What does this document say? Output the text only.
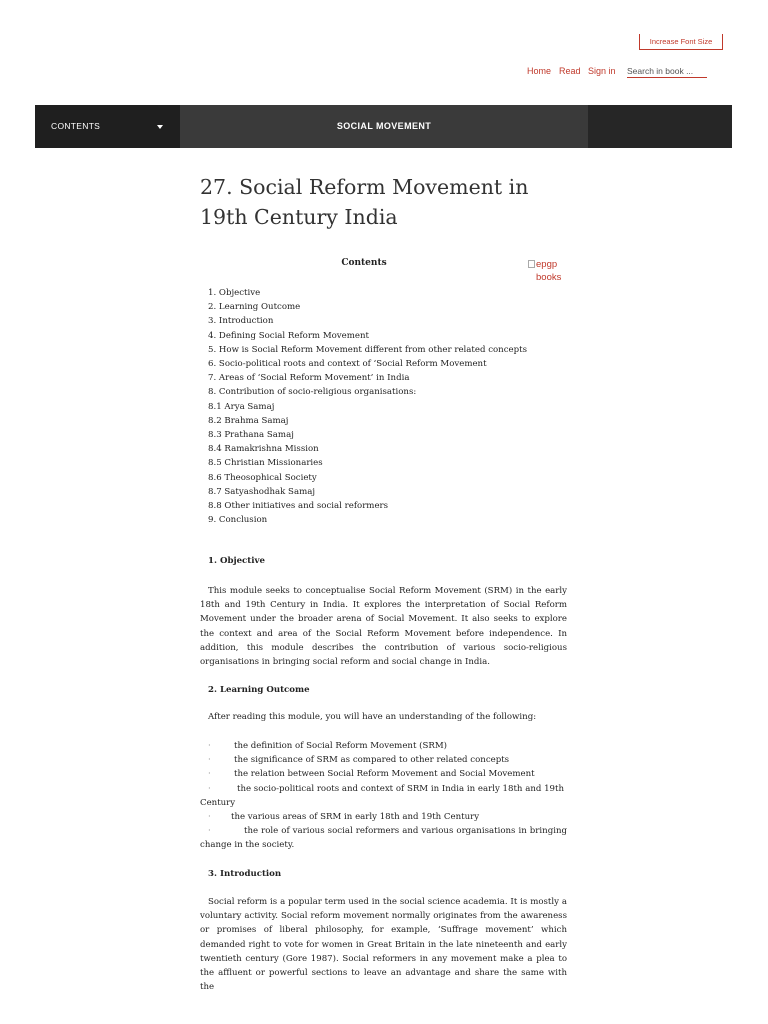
Increase Font Size
Home Read Sign in
Search in book ...
CONTENTS	SOCIAL MOVEMENT
27. Social Reform Movement in 19th Century India
Contents	epgp books
1. Objective
2. Learning Outcome
3. Introduction
4. Defining Social Reform Movement
5. How is Social Reform Movement different from other related concepts
6. Socio-political roots and context of ‘Social Reform Movement
7. Areas of ‘Social Reform Movement’ in India
8. Contribution of socio-religious organisations:
8.1 Arya Samaj
8.2 Brahma Samaj
8.3 Prathana Samaj
8.4 Ramakrishna Mission
8.5 Christian Missionaries
8.6 Theosophical Society
8.7 Satyashodhak Samaj
8.8 Other initiatives and social reformers
9. Conclusion
1. Objective
This module seeks to conceptualise Social Reform Movement (SRM) in the early 18th and 19th Century in India. It explores the interpretation of Social Reform Movement under the broader arena of Social Movement. It also seeks to explore the context and area of the Social Reform Movement before independence. In addition, this module describes the contribution of various socio-religious organisations in bringing social reform and social change in India.
2. Learning Outcome
After reading this module, you will have an understanding of the following:
·	the definition of Social Reform Movement (SRM)
·	the significance of SRM as compared to other related concepts
·	the relation between Social Reform Movement and Social Movement
·	the socio-political roots and context of SRM in India in early 18th and 19th Century
· the various areas of SRM in early 18th and 19th Century
·	the role of various social reformers and various organisations in bringing change in the society.
3. Introduction
Social reform is a popular term used in the social science academia. It is mostly a voluntary activity. Social reform movement normally originates from the awareness or promises of liberal philosophy, for example, ‘Suffrage movement’ which demanded right to vote for women in Great Britain in the late nineteenth and early twentieth century (Gore 1987). Social reformers in any movement make a plea to the affluent or powerful sections to leave an advantage and share the same with the
